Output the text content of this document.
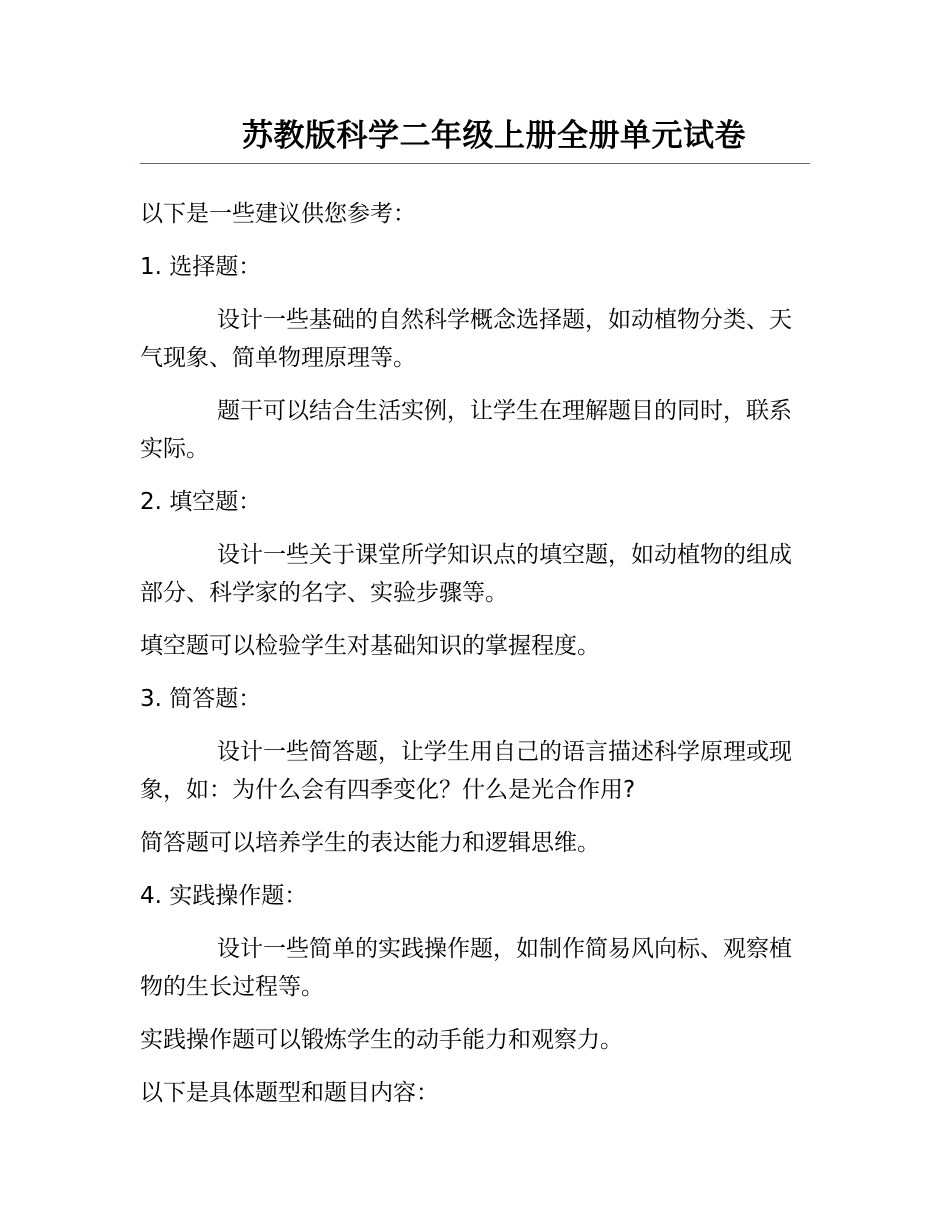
苏教版科学二年级上册全册单元试卷

以下是一些建议供您参考：

1. 选择题：

设计一些基础的自然科学概念选择题，如动植物分类、天气现象、简单物理原理等。

题干可以结合生活实例，让学生在理解题目的同时，联系实际。

2. 填空题：

设计一些关于课堂所学知识点的填空题，如动植物的组成部分、科学家的名字、实验步骤等。

填空题可以检验学生对基础知识的掌握程度。

3. 简答题：

设计一些简答题，让学生用自己的语言描述科学原理或现象，如：为什么会有四季变化？什么是光合作用?

简答题可以培养学生的表达能力和逻辑思维。

4. 实践操作题：

设计一些简单的实践操作题，如制作简易风向标、观察植物的生长过程等。

实践操作题可以锻炼学生的动手能力和观察力。

以下是具体题型和题目内容：
